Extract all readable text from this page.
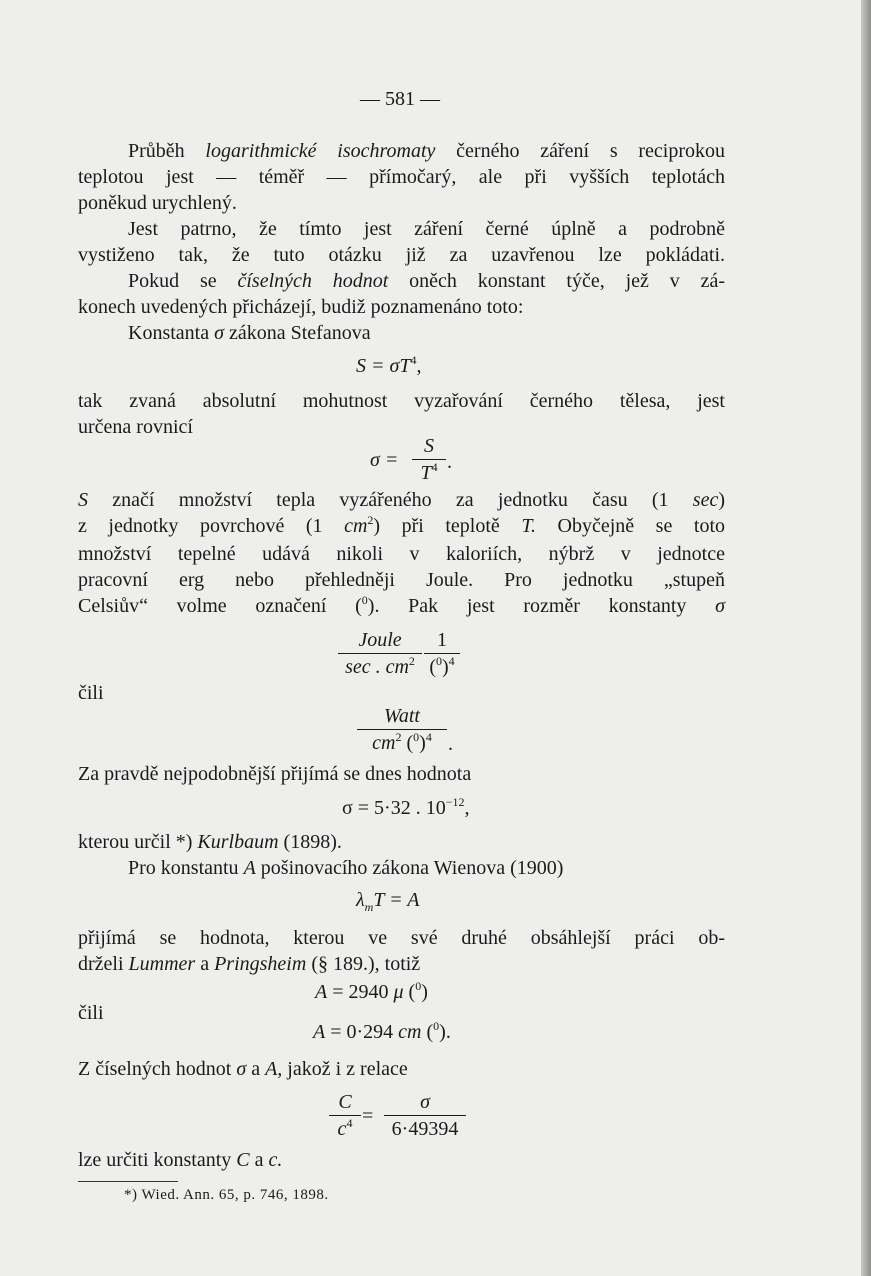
— 581 —
Průběh logarithmické isochromaty černého záření s reciprokou
teplotou jest — téměř — přímočarý, ale při vyšších teplotách
poněkud urychlený.
Jest patrno, že tímto jest záření černé úplně a podrobně
vystiženo tak, že tuto otázku již za uzavřenou lze pokládati.
Pokud se číselných hodnot oněch konstant týče, jež v zá-
konech uvedených přicházejí, budiž poznamenáno toto:
Konstanta σ zákona Stefanova
$S = \sigma T^4$,
tak zvaná absolutní mohutnost vyzařování černého tělesa, jest
určena rovnicí
σ =
S
$T^4$ .
S značí množství tepla vyzářeného za jednotku času (1 sec)
z jednotky povrchové (1 $cm^2$) při teplotě T. Obyčejně se toto
množství tepelné udává nikoli v kaloriích, nýbrž v jednotce
pracovní erg nebo přehledněji Joule. Pro jednotku „stupeň
Celsiův“ volme označení ($^0$). Pak jest rozměr konstanty σ
Joule
sec . $cm^2$
1
$(^0)^4$
čili
Watt
$cm^2$ $(^0)^4$ .
Za pravdě nejpodobnější přijímá se dnes hodnota
σ = 5·32 . $10^{-12}$,
kterou určil *) Kurlbaum (1898).
Pro konstantu A pošinovacího zákona Wienova (1900)
$\lambda_mT = A$
přijímá se hodnota, kterou ve své druhé obsáhlejší práci ob-
drželi Lummer a Pringsheim (§ 189.), totiž
A = 2940 μ ($^0$)
čili
A = 0·294 cm ($^0$).
Z číselných hodnot σ a A, jakož i z relace
C
$c^4$ =
σ
6·49394
lze určiti konstanty C a c.
*) Wied. Ann. 65, p. 746, 1898.
